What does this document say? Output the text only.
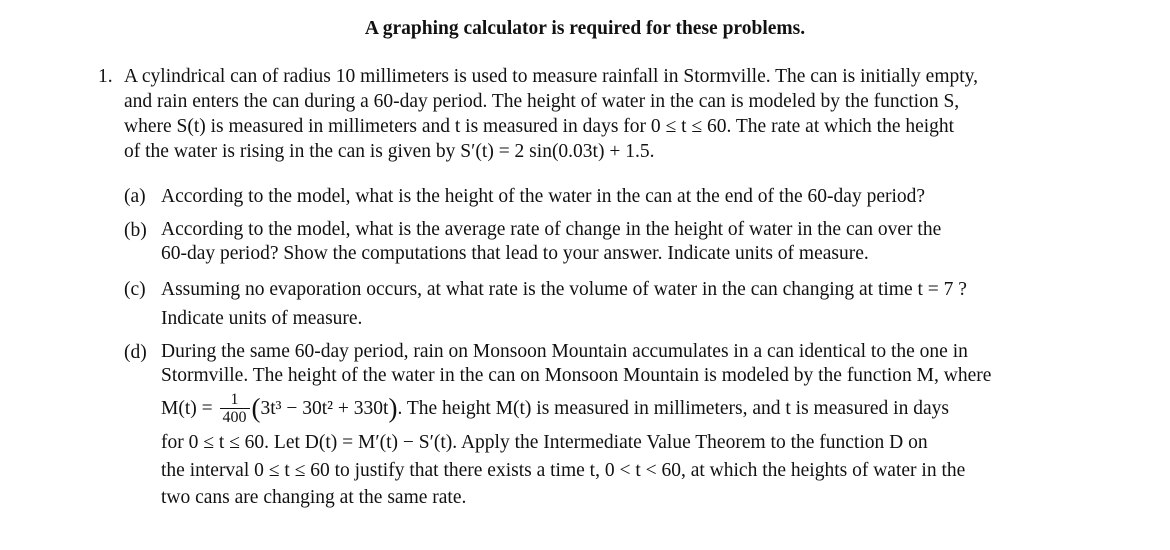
A graphing calculator is required for these problems.
1. A cylindrical can of radius 10 millimeters is used to measure rainfall in Stormville. The can is initially empty,
and rain enters the can during a 60-day period. The height of water in the can is modeled by the function S,
where S(t) is measured in millimeters and t is measured in days for 0 ≤ t ≤ 60. The rate at which the height
of the water is rising in the can is given by S′(t) = 2 sin(0.03t) + 1.5.
(a) According to the model, what is the height of the water in the can at the end of the 60-day period?
(b) According to the model, what is the average rate of change in the height of water in the can over the
60-day period? Show the computations that lead to your answer. Indicate units of measure.
(c) Assuming no evaporation occurs, at what rate is the volume of water in the can changing at time t = 7 ?
Indicate units of measure.
(d) During the same 60-day period, rain on Monsoon Mountain accumulates in a can identical to the one in
Stormville. The height of the water in the can on Monsoon Mountain is modeled by the function M, where
$M(t) = \frac{1}{400} (3t^3 - 30t^2 + 330t)$. The height M(t) is measured in millimeters, and t is measured in days
for 0 ≤ t ≤ 60. Let D(t) = M′(t) − S′(t). Apply the Intermediate Value Theorem to the function D on
the interval 0 ≤ t ≤ 60 to justify that there exists a time t, 0 < t < 60, at which the heights of water in the
two cans are changing at the same rate.
